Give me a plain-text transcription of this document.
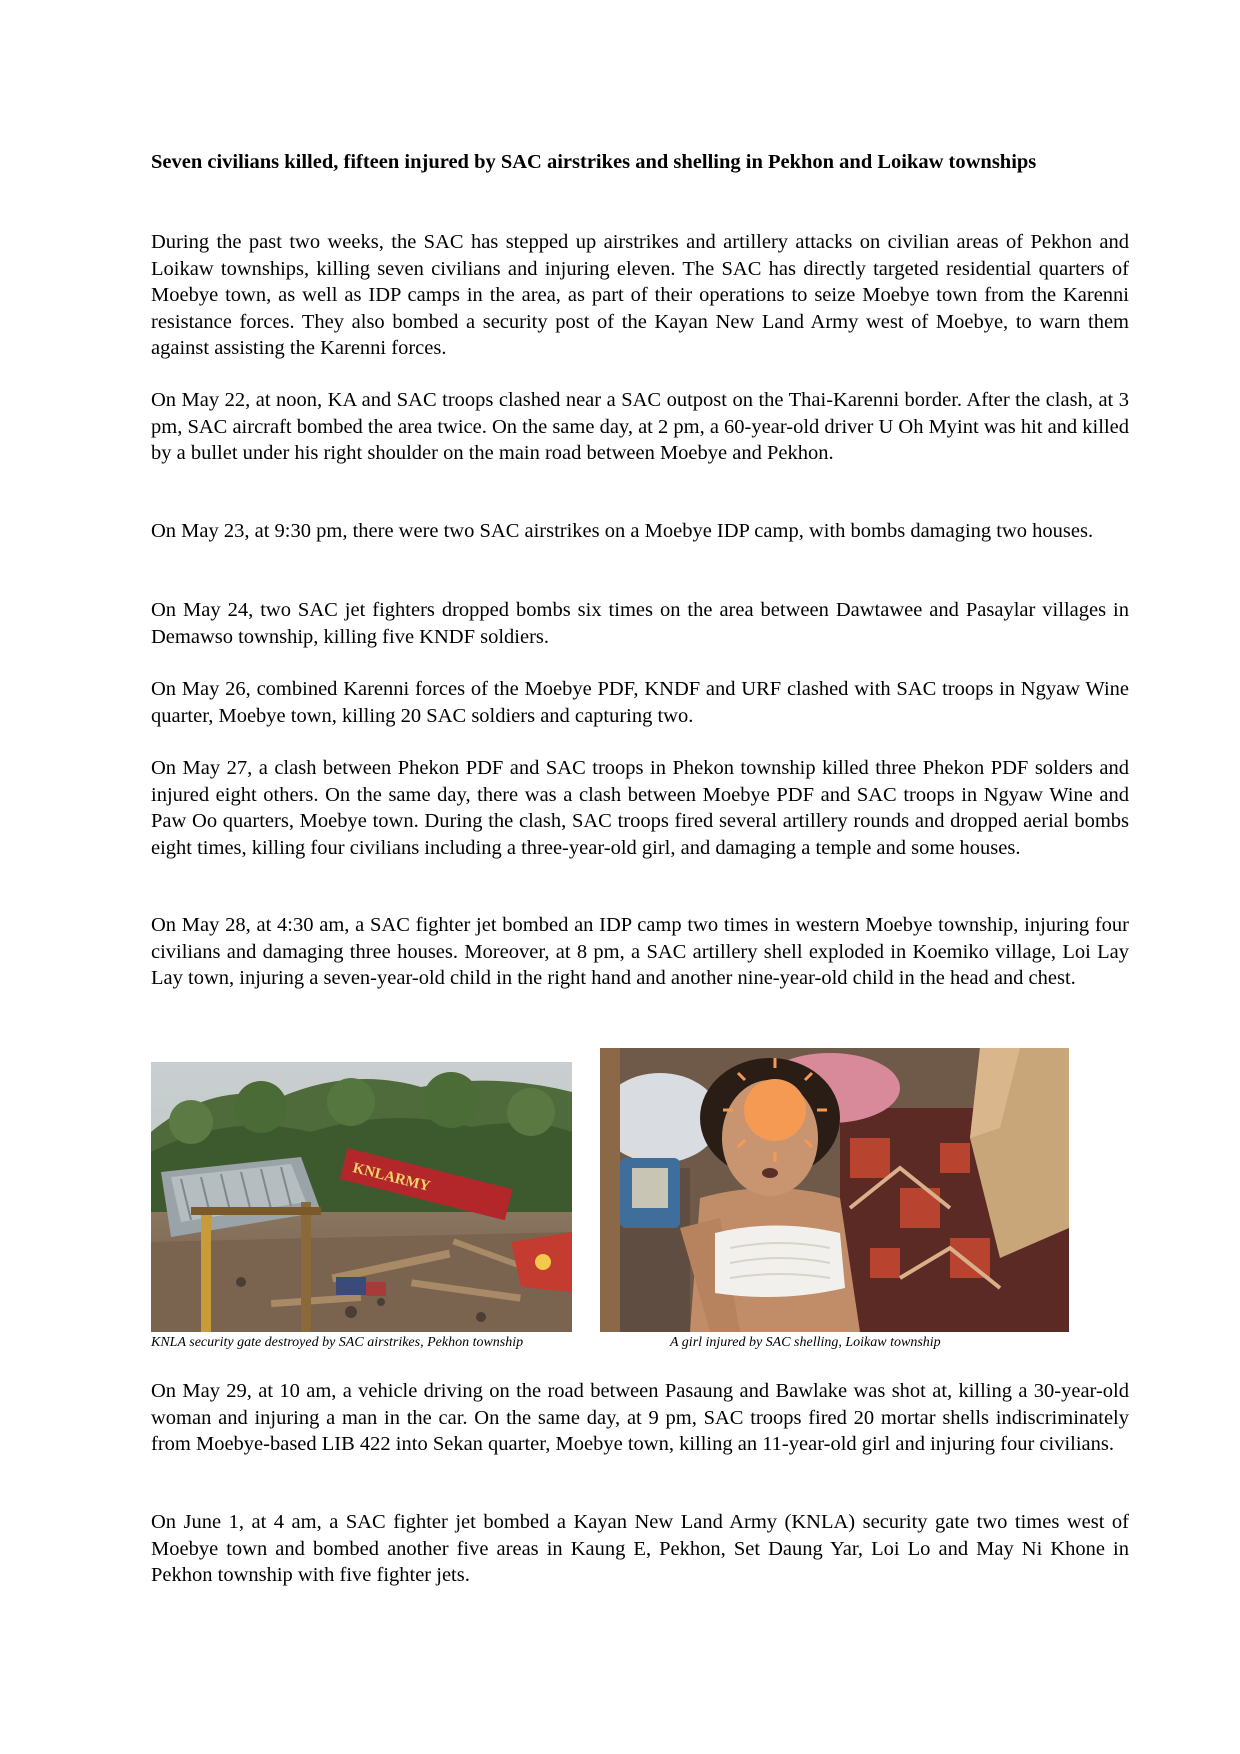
Seven civilians killed, fifteen injured by SAC airstrikes and shelling in Pekhon and Loikaw townships

During the past two weeks, the SAC has stepped up airstrikes and artillery attacks on civilian areas of Pekhon and Loikaw townships, killing seven civilians and injuring eleven. The SAC has directly targeted residential quarters of Moebye town, as well as IDP camps in the area, as part of their operations to seize Moebye town from the Karenni resistance forces. They also bombed a security post of the Kayan New Land Army west of Moebye, to warn them against assisting the Karenni forces.

On May 22, at noon, KA and SAC troops clashed near a SAC outpost on the Thai-Karenni border. After the clash, at 3 pm, SAC aircraft bombed the area twice. On the same day, at 2 pm, a 60-year-old driver U Oh Myint was hit and killed by a bullet under his right shoulder on the main road between Moebye and Pekhon.

On May 23, at 9:30 pm, there were two SAC airstrikes on a Moebye IDP camp, with bombs damaging two houses.

On May 24, two SAC jet fighters dropped bombs six times on the area between Dawtawee and Pasaylar villages in Demawso township, killing five KNDF soldiers.

On May 26, combined Karenni forces of the Moebye PDF, KNDF and URF clashed with SAC troops in Ngyaw Wine quarter, Moebye town, killing 20 SAC soldiers and capturing two.

On May 27, a clash between Phekon PDF and SAC troops in Phekon township killed three Phekon PDF solders and injured eight others. On the same day, there was a clash between Moebye PDF and SAC troops in Ngyaw Wine and Paw Oo quarters, Moebye town. During the clash, SAC troops fired several artillery rounds and dropped aerial bombs eight times, killing four civilians including a three-year-old girl, and damaging a temple and some houses.

On May 28, at 4:30 am, a SAC fighter jet bombed an IDP camp two times in western Moebye township, injuring four civilians and damaging three houses. Moreover, at 8 pm, a SAC artillery shell exploded in Koemiko village, Loi Lay Lay town, injuring a seven-year-old child in the right hand and another nine-year-old child in the head and chest.

KNLARMY
KNLA security gate destroyed by SAC airstrikes, Pekhon township	A girl injured by SAC shelling, Loikaw township

On May 29, at 10 am, a vehicle driving on the road between Pasaung and Bawlake was shot at, killing a 30-year-old woman and injuring a man in the car. On the same day, at 9 pm, SAC troops fired 20 mortar shells indiscriminately from Moebye-based LIB 422 into Sekan quarter, Moebye town, killing an 11-year-old girl and injuring four civilians.

On June 1, at 4 am, a SAC fighter jet bombed a Kayan New Land Army (KNLA) security gate two times west of Moebye town and bombed another five areas in Kaung E, Pekhon, Set Daung Yar, Loi Lo and May Ni Khone in Pekhon township with five fighter jets.
